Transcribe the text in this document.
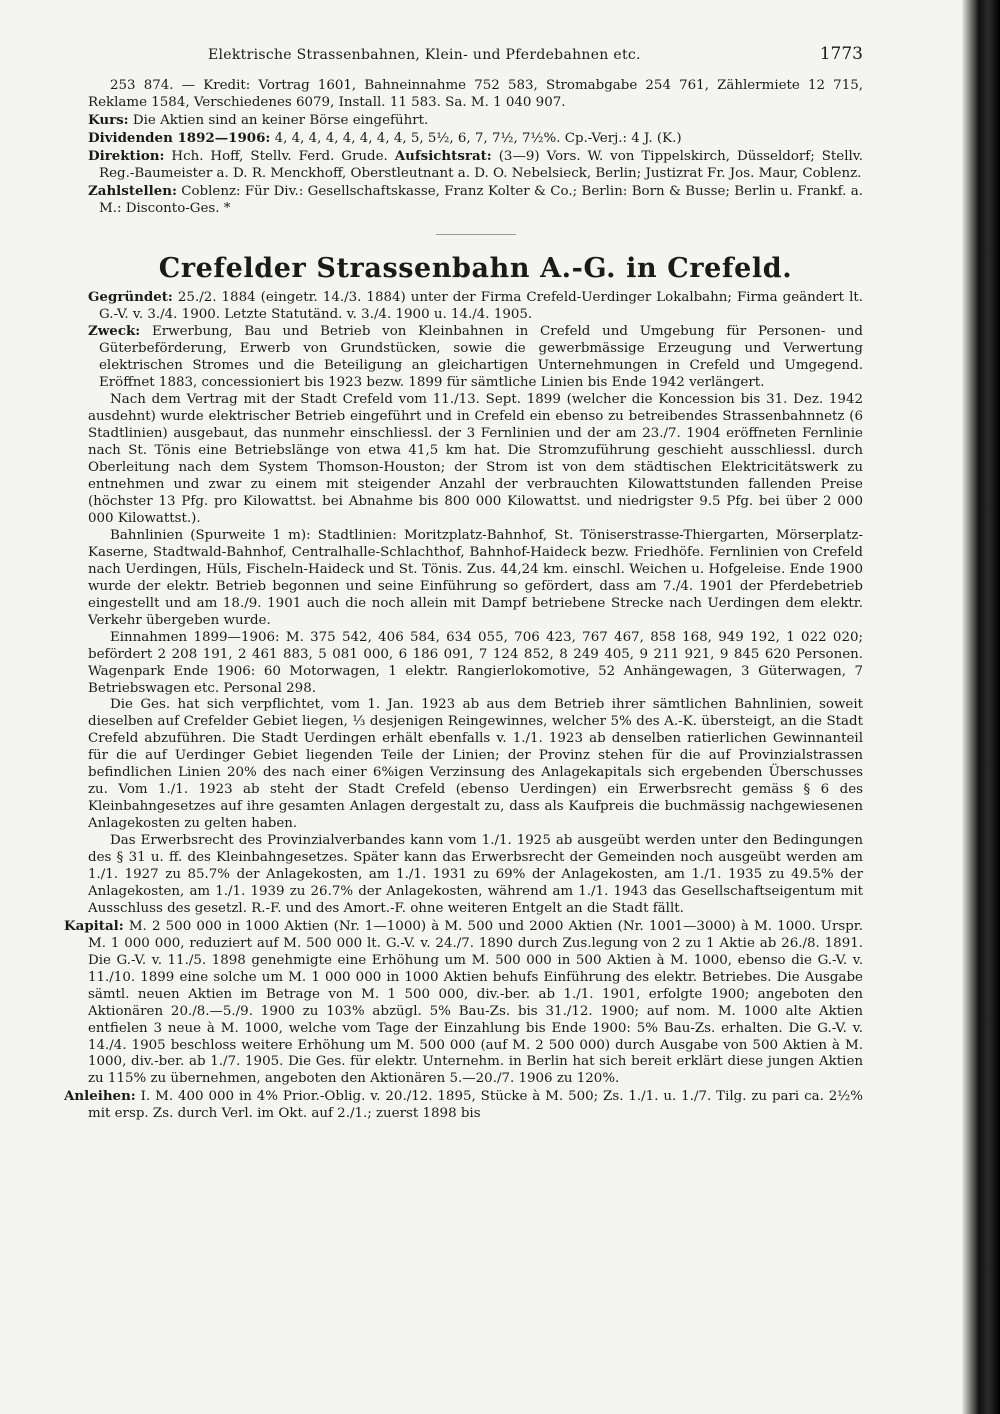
Elektrische Strassenbahnen, Klein- und Pferdebahnen etc.	1773

253 874. — Kredit: Vortrag 1601, Bahneinnahme 752 583, Stromabgabe 254 761, Zählermiete 12 715, Reklame 1584, Verschiedenes 6079, Install. 11 583. Sa. M. 1 040 907.

Kurs: Die Aktien sind an keiner Börse eingeführt.

Dividenden 1892—1906: 4, 4, 4, 4, 4, 4, 4, 4, 5, 5½, 6, 7, 7½, 7½%. Cp.-Verj.: 4 J. (K.)

Direktion: Hch. Hoff, Stellv. Ferd. Grude. Aufsichtsrat: (3—9) Vors. W. von Tippelskirch, Düsseldorf; Stellv. Reg.-Baumeister a. D. R. Menckhoff, Oberstleutnant a. D. O. Nebelsieck, Berlin; Justizrat Fr. Jos. Maur, Coblenz.

Zahlstellen: Coblenz: Für Div.: Gesellschaftskasse, Franz Kolter & Co.; Berlin: Born & Busse; Berlin u. Frankf. a. M.: Disconto-Ges. *

Crefelder Strassenbahn A.-G. in Crefeld.

Gegründet: 25./2. 1884 (eingetr. 14./3. 1884) unter der Firma Crefeld-Uerdinger Lokalbahn; Firma geändert lt. G.-V. v. 3./4. 1900. Letzte Statutänd. v. 3./4. 1900 u. 14./4. 1905.

Zweck: Erwerbung, Bau und Betrieb von Kleinbahnen in Crefeld und Umgebung für Personen- und Güterbeförderung, Erwerb von Grundstücken, sowie die gewerbmässige Erzeugung und Verwertung elektrischen Stromes und die Beteiligung an gleichartigen Unternehmungen in Crefeld und Umgegend. Eröffnet 1883, concessioniert bis 1923 bezw. 1899 für sämtliche Linien bis Ende 1942 verlängert.

Nach dem Vertrag mit der Stadt Crefeld vom 11./13. Sept. 1899 (welcher die Koncession bis 31. Dez. 1942 ausdehnt) wurde elektrischer Betrieb eingeführt und in Crefeld ein ebenso zu betreibendes Strassenbahnnetz (6 Stadtlinien) ausgebaut, das nunmehr einschliessl. der 3 Fernlinien und der am 23./7. 1904 eröffneten Fernlinie nach St. Tönis eine Betriebslänge von etwa 41,5 km hat. Die Stromzuführung geschieht ausschliessl. durch Oberleitung nach dem System Thomson-Houston; der Strom ist von dem städtischen Elektricitätswerk zu entnehmen und zwar zu einem mit steigender Anzahl der verbrauchten Kilowattstunden fallenden Preise (höchster 13 Pfg. pro Kilowattst. bei Abnahme bis 800 000 Kilowattst. und niedrigster 9.5 Pfg. bei über 2 000 000 Kilowattst.).

Bahnlinien (Spurweite 1 m): Stadtlinien: Moritzplatz-Bahnhof, St. Töniserstrasse-Thiergarten, Mörserplatz-Kaserne, Stadtwald-Bahnhof, Centralhalle-Schlachthof, Bahnhof-Haideck bezw. Friedhöfe. Fernlinien von Crefeld nach Uerdingen, Hüls, Fischeln-Haideck und St. Tönis. Zus. 44,24 km. einschl. Weichen u. Hofgeleise. Ende 1900 wurde der elektr. Betrieb begonnen und seine Einführung so gefördert, dass am 7./4. 1901 der Pferdebetrieb eingestellt und am 18./9. 1901 auch die noch allein mit Dampf betriebene Strecke nach Uerdingen dem elektr. Verkehr übergeben wurde.

Einnahmen 1899—1906: M. 375 542, 406 584, 634 055, 706 423, 767 467, 858 168, 949 192, 1 022 020; befördert 2 208 191, 2 461 883, 5 081 000, 6 186 091, 7 124 852, 8 249 405, 9 211 921, 9 845 620 Personen. Wagenpark Ende 1906: 60 Motorwagen, 1 elektr. Rangierlokomotive, 52 Anhängewagen, 3 Güterwagen, 7 Betriebswagen etc. Personal 298.

Die Ges. hat sich verpflichtet, vom 1. Jan. 1923 ab aus dem Betrieb ihrer sämtlichen Bahnlinien, soweit dieselben auf Crefelder Gebiet liegen, ⅓ desjenigen Reingewinnes, welcher 5% des A.-K. übersteigt, an die Stadt Crefeld abzuführen. Die Stadt Uerdingen erhält ebenfalls v. 1./1. 1923 ab denselben ratierlichen Gewinnanteil für die auf Uerdinger Gebiet liegenden Teile der Linien; der Provinz stehen für die auf Provinzialstrassen befindlichen Linien 20% des nach einer 6%igen Verzinsung des Anlagekapitals sich ergebenden Überschusses zu. Vom 1./1. 1923 ab steht der Stadt Crefeld (ebenso Uerdingen) ein Erwerbsrecht gemäss § 6 des Kleinbahngesetzes auf ihre gesamten Anlagen dergestalt zu, dass als Kaufpreis die buchmässig nachgewiesenen Anlagekosten zu gelten haben.

Das Erwerbsrecht des Provinzialverbandes kann vom 1./1. 1925 ab ausgeübt werden unter den Bedingungen des § 31 u. ff. des Kleinbahngesetzes. Später kann das Erwerbsrecht der Gemeinden noch ausgeübt werden am 1./1. 1927 zu 85.7% der Anlagekosten, am 1./1. 1931 zu 69% der Anlagekosten, am 1./1. 1935 zu 49.5% der Anlagekosten, am 1./1. 1939 zu 26.7% der Anlagekosten, während am 1./1. 1943 das Gesellschaftseigentum mit Ausschluss des gesetzl. R.-F. und des Amort.-F. ohne weiteren Entgelt an die Stadt fällt.

Kapital: M. 2 500 000 in 1000 Aktien (Nr. 1—1000) à M. 500 und 2000 Aktien (Nr. 1001—3000) à M. 1000. Urspr. M. 1 000 000, reduziert auf M. 500 000 lt. G.-V. v. 24./7. 1890 durch Zus.legung von 2 zu 1 Aktie ab 26./8. 1891. Die G.-V. v. 11./5. 1898 genehmigte eine Erhöhung um M. 500 000 in 500 Aktien à M. 1000, ebenso die G.-V. v. 11./10. 1899 eine solche um M. 1 000 000 in 1000 Aktien behufs Einführung des elektr. Betriebes. Die Ausgabe sämtl. neuen Aktien im Betrage von M. 1 500 000, div.-ber. ab 1./1. 1901, erfolgte 1900; angeboten den Aktionären 20./8.—5./9. 1900 zu 103% abzügl. 5% Bau-Zs. bis 31./12. 1900; auf nom. M. 1000 alte Aktien entfielen 3 neue à M. 1000, welche vom Tage der Einzahlung bis Ende 1900: 5% Bau-Zs. erhalten. Die G.-V. v. 14./4. 1905 beschloss weitere Erhöhung um M. 500 000 (auf M. 2 500 000) durch Ausgabe von 500 Aktien à M. 1000, div.-ber. ab 1./7. 1905. Die Ges. für elektr. Unternehm. in Berlin hat sich bereit erklärt diese jungen Aktien zu 115% zu übernehmen, angeboten den Aktionären 5.—20./7. 1906 zu 120%.

Anleihen: I. M. 400 000 in 4% Prior.-Oblig. v. 20./12. 1895, Stücke à M. 500; Zs. 1./1. u. 1./7. Tilg. zu pari ca. 2½% mit ersp. Zs. durch Verl. im Okt. auf 2./1.; zuerst 1898 bis
